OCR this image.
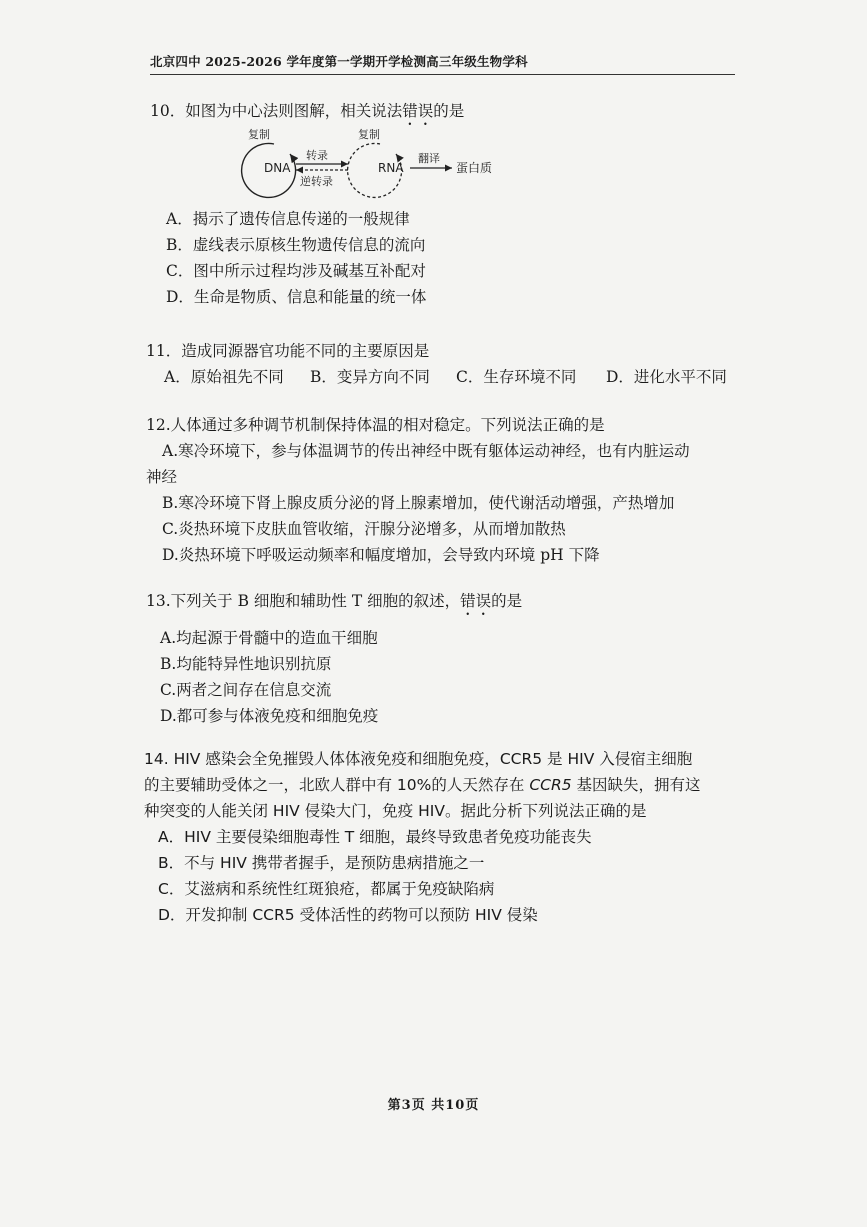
北京四中 2025-2026 学年度第一学期开学检测高三年级生物学科
10．如图为中心法则图解，相关说法错误的是
复制
DNA
转录
逆转录
复制
RNA
翻译
蛋白质
A．揭示了遗传信息传递的一般规律
B．虚线表示原核生物遗传信息的流向
C．图中所示过程均涉及碱基互补配对
D．生命是物质、信息和能量的统一体
11．造成同源器官功能不同的主要原因是
A．原始祖先不同 B．变异方向不同 C．生存环境不同 D．进化水平不同
12.人体通过多种调节机制保持体温的相对稳定。下列说法正确的是
A.寒冷环境下，参与体温调节的传出神经中既有躯体运动神经，也有内脏运动
神经
B.寒冷环境下肾上腺皮质分泌的肾上腺素增加，使代谢活动增强，产热增加
C.炎热环境下皮肤血管收缩，汗腺分泌增多，从而增加散热
D.炎热环境下呼吸运动频率和幅度增加，会导致内环境 pH 下降
13.下列关于 B 细胞和辅助性 T 细胞的叙述，错误的是
A.均起源于骨髓中的造血干细胞
B.均能特异性地识别抗原
C.两者之间存在信息交流
D.都可参与体液免疫和细胞免疫
14. HIV 感染会全免摧毁人体体液免疫和细胞免疫，CCR5 是 HIV 入侵宿主细胞
的主要辅助受体之一，北欧人群中有 10%的人天然存在 CCR5 基因缺失，拥有这
种突变的人能关闭 HIV 侵染大门，免疫 HIV。据此分析下列说法正确的是
A．HIV 主要侵染细胞毒性 T 细胞，最终导致患者免疫功能丧失
B．不与 HIV 携带者握手，是预防患病措施之一
C．艾滋病和系统性红斑狼疮，都属于免疫缺陷病
D．开发抑制 CCR5 受体活性的药物可以预防 HIV 侵染
第3页 共10页
